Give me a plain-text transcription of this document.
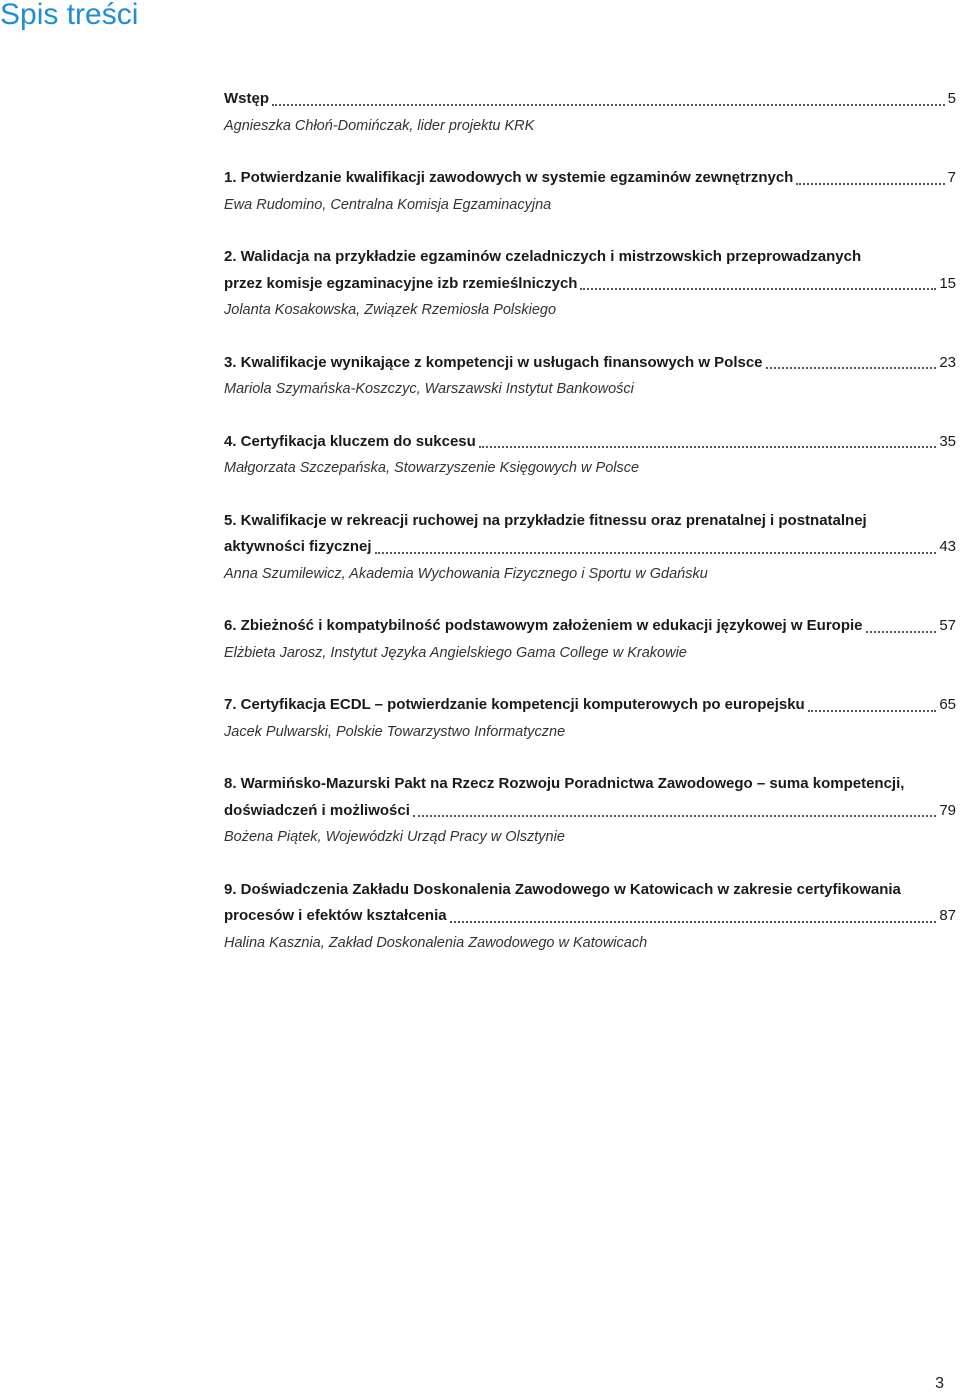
Spis treści
Wstęp	5
Agnieszka Chłoń-Domińczak, lider projektu KRK
1. Potwierdzanie kwalifikacji zawodowych w systemie egzaminów zewnętrznych	7
Ewa Rudomino, Centralna Komisja Egzaminacyjna
2. Walidacja na przykładzie egzaminów czeladniczych i mistrzowskich przeprowadzanych
przez komisje egzaminacyjne izb rzemieślniczych	15
Jolanta Kosakowska, Związek Rzemiosła Polskiego
3. Kwalifikacje wynikające z kompetencji w usługach finansowych w Polsce	23
Mariola Szymańska-Koszczyc, Warszawski Instytut Bankowości
4. Certyfikacja kluczem do sukcesu	35
Małgorzata Szczepańska, Stowarzyszenie Księgowych w Polsce
5. Kwalifikacje w rekreacji ruchowej na przykładzie fitnessu oraz prenatalnej i postnatalnej
aktywności fizycznej	43
Anna Szumilewicz, Akademia Wychowania Fizycznego i Sportu w Gdańsku
6. Zbieżność i kompatybilność podstawowym założeniem w edukacji językowej w Europie	57
Elżbieta Jarosz, Instytut Języka Angielskiego Gama College w Krakowie
7. Certyfikacja ECDL – potwierdzanie kompetencji komputerowych po europejsku	65
Jacek Pulwarski, Polskie Towarzystwo Informatyczne
8. Warmińsko-Mazurski Pakt na Rzecz Rozwoju Poradnictwa Zawodowego – suma kompetencji,
doświadczeń i możliwości	79
Bożena Piątek, Wojewódzki Urząd Pracy w Olsztynie
9. Doświadczenia Zakładu Doskonalenia Zawodowego w Katowicach w zakresie certyfikowania
procesów i efektów kształcenia	87
Halina Kasznia, Zakład Doskonalenia Zawodowego w Katowicach
3
